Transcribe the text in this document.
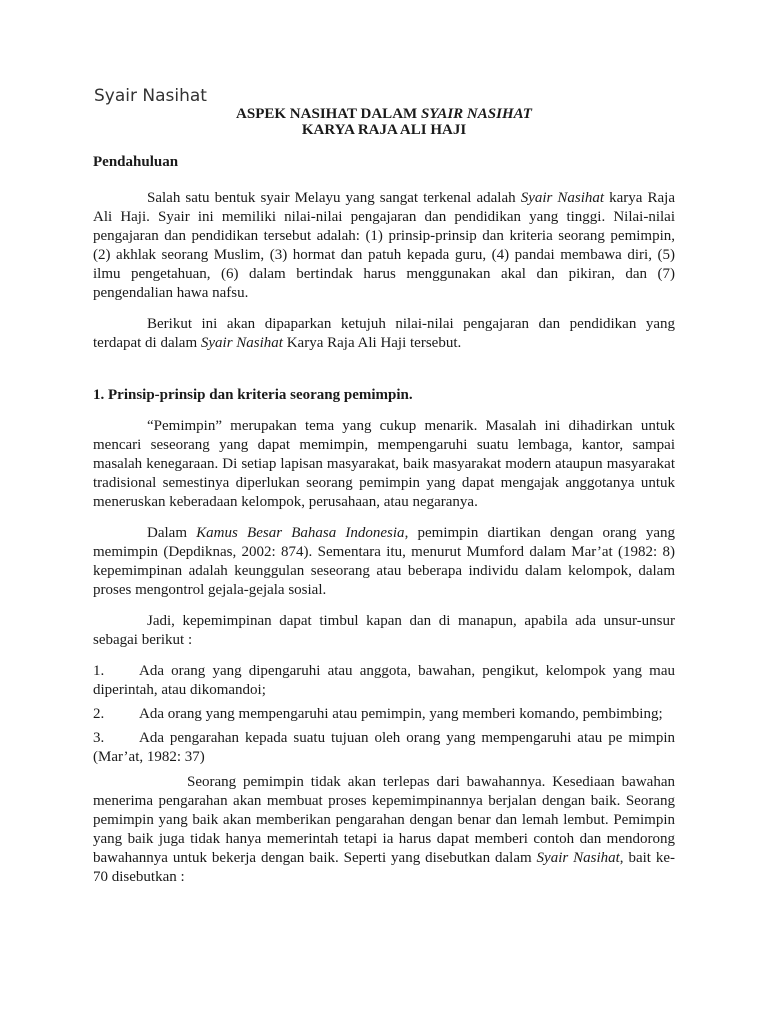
Syair Nasihat

ASPEK NASIHAT DALAM SYAIR NASIHAT

KARYA RAJA ALI HAJI

Pendahuluan

Salah satu bentuk syair Melayu yang sangat terkenal adalah Syair Nasihat karya Raja Ali Haji. Syair ini memiliki nilai-nilai pengajaran dan pendidikan yang tinggi. Nilai-nilai pengajaran dan pendidikan tersebut adalah: (1) prinsip-prinsip dan kriteria seorang pemimpin, (2) akhlak seorang Muslim, (3) hormat dan patuh kepada guru, (4) pandai membawa diri, (5) ilmu pengetahuan, (6) dalam bertindak harus menggunakan akal dan pikiran, dan (7) pengendalian hawa nafsu.

Berikut ini akan dipaparkan ketujuh nilai-nilai pengajaran dan pendidikan yang terdapat di dalam Syair Nasihat Karya Raja Ali Haji tersebut.

1. Prinsip-prinsip dan kriteria seorang pemimpin.

“Pemimpin” merupakan tema yang cukup menarik. Masalah ini dihadirkan untuk mencari seseorang yang dapat memimpin, mempengaruhi suatu lembaga, kantor, sampai masalah kenegaraan. Di setiap lapisan masyarakat, baik masyarakat modern ataupun masyarakat tradisional semestinya diperlukan seorang pemimpin yang dapat mengajak anggotanya untuk meneruskan keberadaan kelompok, perusahaan, atau negaranya.

Dalam Kamus Besar Bahasa Indonesia, pemimpin diartikan dengan orang yang memimpin (Depdiknas, 2002: 874). Sementara itu, menurut Mumford dalam Mar’at (1982: 8) kepemimpinan adalah keunggulan seseorang atau beberapa individu dalam kelompok, dalam proses mengontrol gejala-gejala sosial.

Jadi, kepemimpinan dapat timbul kapan dan di manapun, apabila ada unsur-unsur sebagai berikut :

1. Ada orang yang dipengaruhi atau anggota, bawahan, pengikut, kelompok yang mau diperintah, atau dikomandoi;

2. Ada orang yang mempengaruhi atau pemimpin, yang memberi komando, pembimbing;

3. Ada pengarahan kepada suatu tujuan oleh orang yang mempengaruhi atau pe mimpin (Mar’at, 1982: 37)

Seorang pemimpin tidak akan terlepas dari bawahannya. Kesediaan bawahan menerima pengarahan akan membuat proses kepemimpinannya berjalan dengan baik. Seorang pemimpin yang baik akan memberikan pengarahan dengan benar dan lemah lembut. Pemimpin yang baik juga tidak hanya memerintah tetapi ia harus dapat memberi contoh dan mendorong bawahannya untuk bekerja dengan baik. Seperti yang disebutkan dalam Syair Nasihat, bait ke-70 disebutkan :
